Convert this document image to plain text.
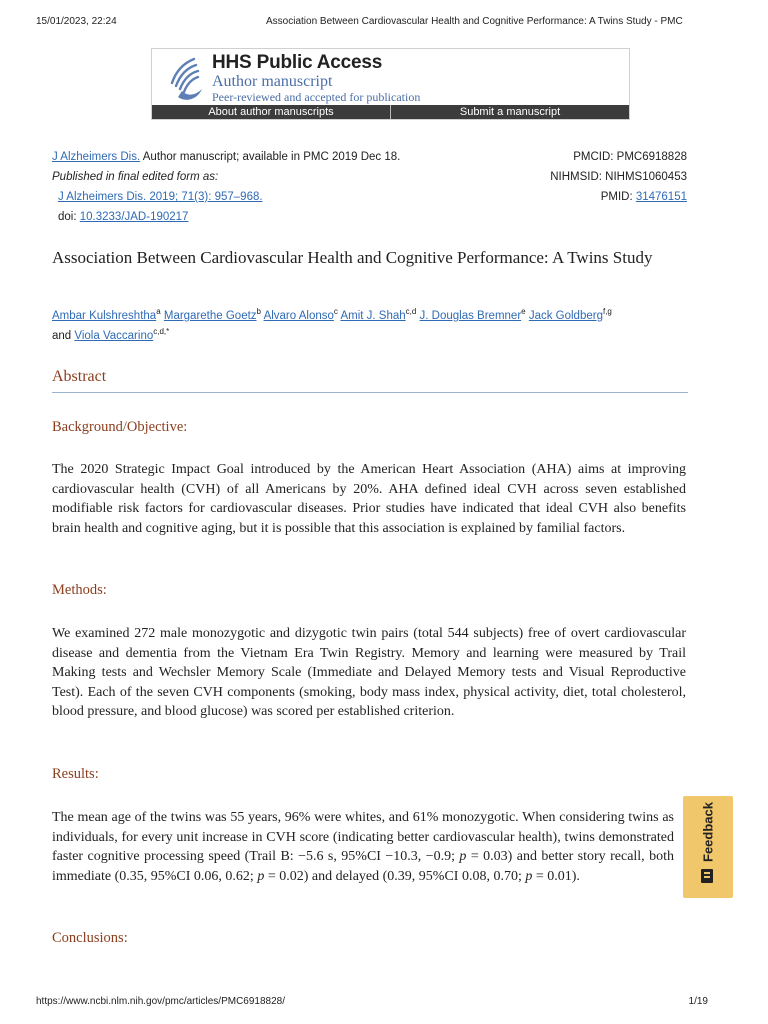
15/01/2023, 22:24	Association Between Cardiovascular Health and Cognitive Performance: A Twins Study - PMC
HHS Public Access
Author manuscript
Peer-reviewed and accepted for publication
About author manuscripts	Submit a manuscript
J Alzheimers Dis. Author manuscript; available in PMC 2019 Dec 18.
Published in final edited form as:
J Alzheimers Dis. 2019; 71(3): 957–968.
doi: 10.3233/JAD-190217
PMCID: PMC6918828
NIHMSID: NIHMS1060453
PMID: 31476151
Association Between Cardiovascular Health and Cognitive Performance: A Twins Study
Ambar Kulshreshtha$^a$ Margarethe Goetz$^b$ Alvaro Alonso$^c$ Amit J. Shah$^{c,d}$ J. Douglas Bremner$^e$ Jack Goldberg$^{f,g}$
and Viola Vaccarino$^{c,d,*}$
Abstract
Background/Objective:
The 2020 Strategic Impact Goal introduced by the American Heart Association (AHA) aims at improving cardiovascular health (CVH) of all Americans by 20%. AHA defined ideal CVH across seven established modifiable risk factors for cardiovascular diseases. Prior studies have indicated that ideal CVH also benefits brain health and cognitive aging, but it is possible that this association is explained by familial factors.
Methods:
We examined 272 male monozygotic and dizygotic twin pairs (total 544 subjects) free of overt cardiovascular disease and dementia from the Vietnam Era Twin Registry. Memory and learning were measured by Trail Making tests and Wechsler Memory Scale (Immediate and Delayed Memory tests and Visual Reproductive Test). Each of the seven CVH components (smoking, body mass index, physical activity, diet, total cholesterol, blood pressure, and blood glucose) was scored per established criterion.
Results:
The mean age of the twins was 55 years, 96% were whites, and 61% monozygotic. When considering twins as individuals, for every unit increase in CVH score (indicating better cardiovascular health), twins demonstrated faster cognitive processing speed (Trail B: −5.6 s, 95%CI −10.3, −0.9; p = 0.03) and better story recall, both immediate (0.35, 95%CI 0.06, 0.62; p = 0.02) and delayed (0.39, 95%CI 0.08, 0.70; p = 0.01).
Conclusions:
Feedback
https://www.ncbi.nlm.nih.gov/pmc/articles/PMC6918828/	1/19
